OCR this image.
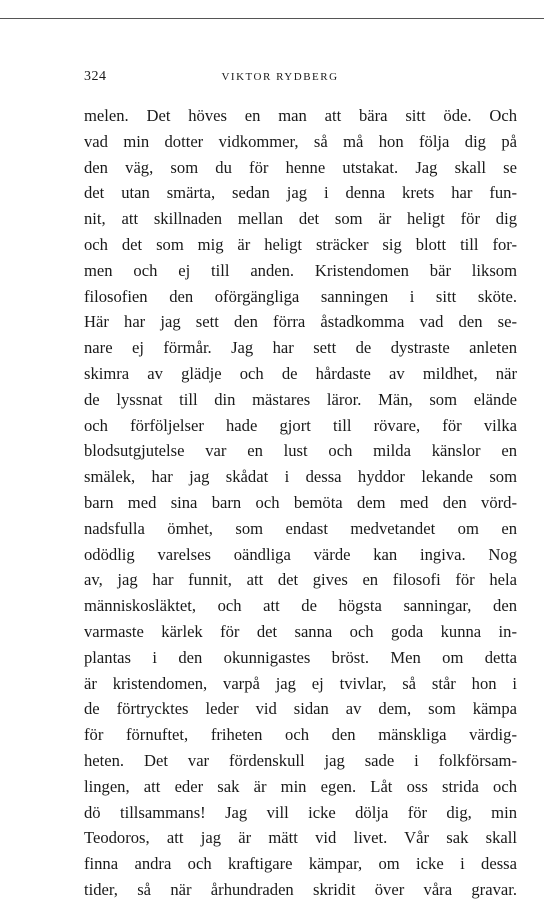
324	VIKTOR RYDBERG
melen. Det höves en man att bära sitt öde. Och
vad min dotter vidkommer, så må hon följa dig på
den väg, som du för henne utstakat. Jag skall se
det utan smärta, sedan jag i denna krets har fun-
nit, att skillnaden mellan det som är heligt för dig
och det som mig är heligt sträcker sig blott till for-
men och ej till anden. Kristendomen bär liksom
filosofien den oförgängliga sanningen i sitt sköte.
Här har jag sett den förra åstadkomma vad den se-
nare ej förmår. Jag har sett de dystraste anleten
skimra av glädje och de hårdaste av mildhet, när
de lyssnat till din mästares läror. Män, som elände
och förföljelser hade gjort till rövare, för vilka
blodsutgjutelse var en lust och milda känslor en
smälek, har jag skådat i dessa hyddor lekande som
barn med sina barn och bemöta dem med den vörd-
nadsfulla ömhet, som endast medvetandet om en
odödlig varelses oändliga värde kan ingiva. Nog
av, jag har funnit, att det gives en filosofi för hela
människosläktet, och att de högsta sanningar, den
varmaste kärlek för det sanna och goda kunna in-
plantas i den okunnigastes bröst. Men om detta
är kristendomen, varpå jag ej tvivlar, så står hon i
de förtrycktes leder vid sidan av dem, som kämpa
för förnuftet, friheten och den mänskliga värdig-
heten. Det var fördenskull jag sade i folkförsam-
lingen, att eder sak är min egen. Låt oss strida och
dö tillsammans! Jag vill icke dölja för dig, min
Teodoros, att jag är mätt vid livet. Vår sak skall
finna andra och kraftigare kämpar, om icke i dessa
tider, så när århundraden skridit över våra gravar.
